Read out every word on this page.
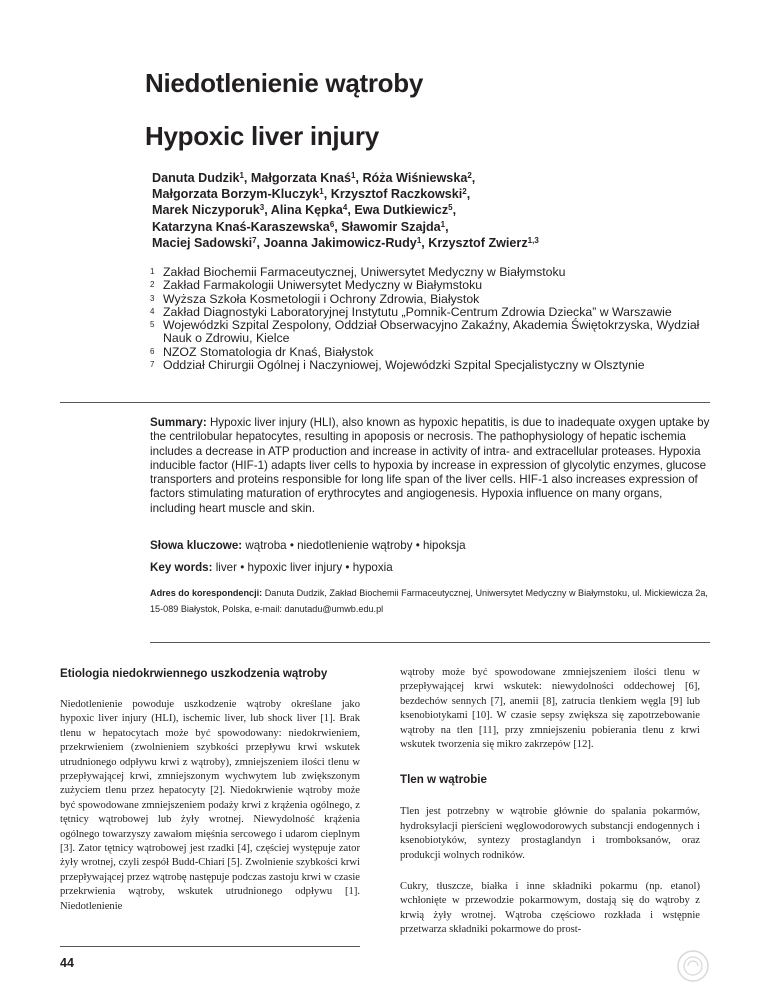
Niedotlenienie wątroby
Hypoxic liver injury
Danuta Dudzik$^1$, Małgorzata Knaś$^1$, Róża Wiśniewska$^2$,
Małgorzata Borzym-Kluczyk$^1$, Krzysztof Raczkowski$^2$,
Marek Niczyporuk$^3$, Alina Kępka$^4$, Ewa Dutkiewicz$^5$,
Katarzyna Knaś-Karaszewska$^6$, Sławomir Szajda$^1$,
Maciej Sadowski$^7$, Joanna Jakimowicz-Rudy$^1$, Krzysztof Zwierz$^{1,3}$
1 Zakład Biochemii Farmaceutycznej, Uniwersytet Medyczny w Białymstoku
2 Zakład Farmakologii Uniwersytet Medyczny w Białymstoku
3 Wyższa Szkoła Kosmetologii i Ochrony Zdrowia, Białystok
4 Zakład Diagnostyki Laboratoryjnej Instytutu „Pomnik-Centrum Zdrowia Dziecka” w Warszawie
5 Wojewódzki Szpital Zespolony, Oddział Obserwacyjno Zakaźny, Akademia Świętokrzyska, Wydział Nauk o Zdrowiu, Kielce
6 NZOZ Stomatologia dr Knaś, Białystok
7 Oddział Chirurgii Ogólnej i Naczyniowej, Wojewódzki Szpital Specjalistyczny w Olsztynie

Summary: Hypoxic liver injury (HLI), also known as hypoxic hepatitis, is due to inadequate oxygen uptake by the centrilobular hepatocytes, resulting in apoposis or necrosis. The pathophysiology of hepatic ischemia includes a decrease in ATP production and increase in activity of intra- and extracellular proteases. Hypoxia inducible factor (HIF-1) adapts liver cells to hypoxia by increase in expression of glycolytic enzymes, glucose transporters and proteins responsible for long life span of the liver cells. HIF-1 also increases expression of factors stimulating maturation of erythrocytes and angiogenesis. Hypoxia influence on many organs, including heart muscle and skin.

Słowa kluczowe: wątroba • niedotlenienie wątroby • hipoksja

Key words: liver • hypoxic liver injury • hypoxia

Adres do korespondencji: Danuta Dudzik, Zakład Biochemii Farmaceutycznej, Uniwersytet Medyczny w Białymstoku, ul. Mickiewicza 2a, 15-089 Białystok, Polska, e-mail: danutadu@umwb.edu.pl

Etiologia niedokrwiennego uszkodzenia wątroby

Niedotlenienie powoduje uszkodzenie wątroby określane jako hypoxic liver injury (HLI), ischemic liver, lub shock liver [1]. Brak tlenu w hepatocytach może być spowodowany: niedokrwieniem, przekrwieniem (zwolnieniem szybkości przepływu krwi wskutek utrudnionego odpływu krwi z wątroby), zmniejszeniem ilości tlenu w przepływającej krwi, zmniejszonym wychwytem lub zwiększonym zużyciem tlenu przez hepatocyty [2]. Niedokrwienie wątroby może być spowodowane zmniejszeniem podaży krwi z krążenia ogólnego, z tętnicy wątrobowej lub żyły wrotnej. Niewydolność krążenia ogólnego towarzyszy zawałom mięśnia sercowego i udarom cieplnym [3]. Zator tętnicy wątrobowej jest rzadki [4], częściej występuje zator żyły wrotnej, czyli zespół Budd-Chiari [5]. Zwolnienie szybkości krwi przepływającej przez wątrobę następuje podczas zastoju krwi w czasie przekrwienia wątroby, wskutek utrudnionego odpływu [1]. Niedotlenienie

wątroby może być spowodowane zmniejszeniem ilości tlenu w przepływającej krwi wskutek: niewydolności oddechowej [6], bezdechów sennych [7], anemii [8], zatrucia tlenkiem węgla [9] lub ksenobiotykami [10]. W czasie sepsy zwiększa się zapotrzebowanie wątroby na tlen [11], przy zmniejszeniu pobierania tlenu z krwi wskutek tworzenia się mikro zakrzepów [12].

Tlen w wątrobie

Tlen jest potrzebny w wątrobie głównie do spalania pokarmów, hydroksylacji pierścieni węglowodorowych substancji endogennych i ksenobiotyków, syntezy prostaglandyn i tromboksanów, oraz produkcji wolnych rodników.

Cukry, tłuszcze, białka i inne składniki pokarmu (np. etanol) wchłonięte w przewodzie pokarmowym, dostają się do wątroby z krwią żyły wrotnej. Wątroba częściowo rozkłada i wstępnie przetwarza składniki pokarmowe do prost-

44
